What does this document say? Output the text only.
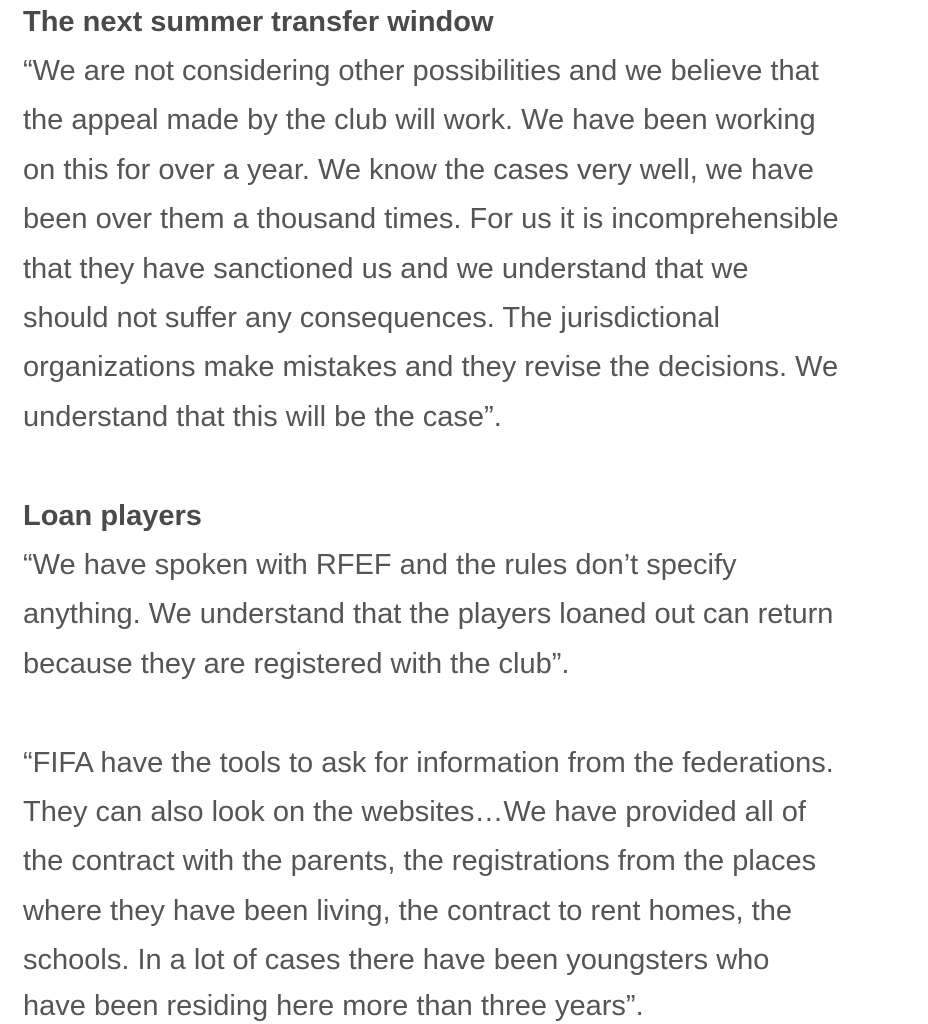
The next summer transfer window
“We are not considering other possibilities and we believe that
the appeal made by the club will work. We have been working
on this for over a year. We know the cases very well, we have
been over them a thousand times. For us it is incomprehensible
that they have sanctioned us and we understand that we
should not suffer any consequences. The jurisdictional
organizations make mistakes and they revise the decisions. We
understand that this will be the case”.
Loan players
“We have spoken with RFEF and the rules don’t specify
anything. We understand that the players loaned out can return
because they are registered with the club”.
“FIFA have the tools to ask for information from the federations.
They can also look on the websites…We have provided all of
the contract with the parents, the registrations from the places
where they have been living, the contract to rent homes, the
schools. In a lot of cases there have been youngsters who
have been residing here more than three years”.
